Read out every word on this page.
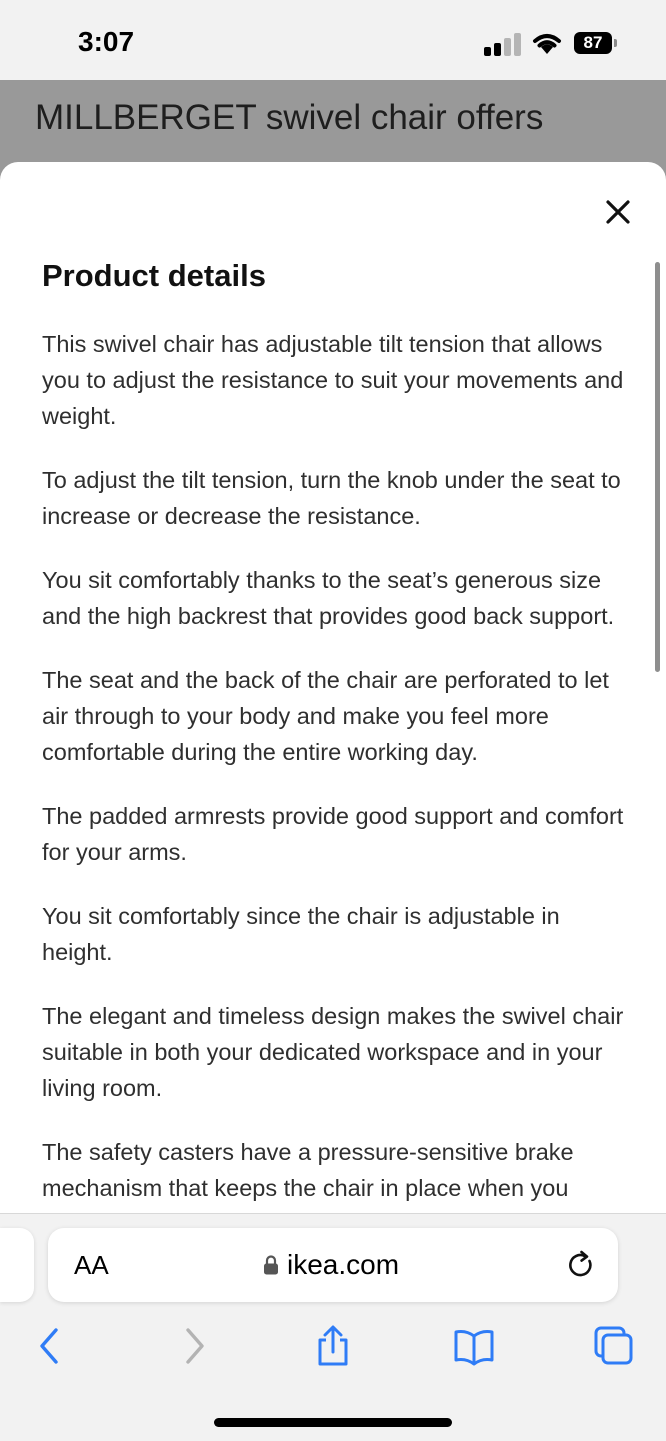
3:07	87
MILLBERGET swivel chair offers
Product details

This swivel chair has adjustable tilt tension that allows you to adjust the resistance to suit your movements and weight.

To adjust the tilt tension, turn the knob under the seat to increase or decrease the resistance.

You sit comfortably thanks to the seat’s generous size and the high backrest that provides good back support.

The seat and the back of the chair are perforated to let air through to your body and make you feel more comfortable during the entire working day.

The padded armrests provide good support and comfort for your arms.

You sit comfortably since the chair is adjustable in height.

The elegant and timeless design makes the swivel chair suitable in both your dedicated workspace and in your living room.

The safety casters have a pressure-sensitive brake mechanism that keeps the chair in place when you

AA	ikea.com
